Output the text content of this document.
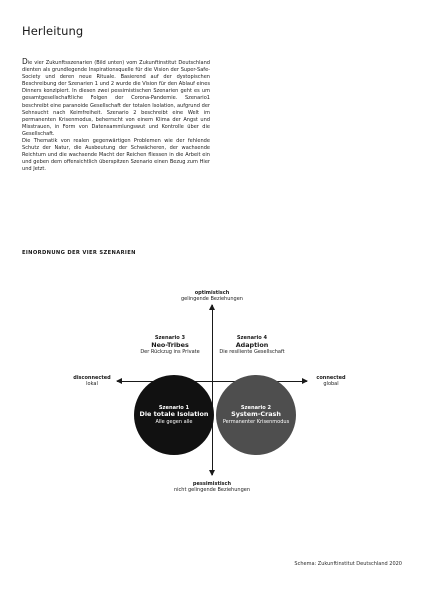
Herleitung

Die vier Zukunftsszenarien (Bild unten) vom Zukunftinstitut Deutschland dienten als grundlegende Inspirationsquelle für die Vision der Super-Safe-Society und deren neue Rituale. Basierend auf der dystopischen Beschreibung der Szenarien 1 und 2 wurde die Vision für den Ablauf eines Dinners konzipiert. In diesen zwei pessimistischen Szenarien geht es um gesamtgesellschaftliche Folgen der Corona-Pandemie. Szenario1 beschreibt eine paranoide Gesellschaft der totalen Isolation, aufgrund der Sehnsucht nach Keimfreiheit. Szenario 2 beschreibt eine Welt im permanenten Krisenmodus, beherrscht von einem Klima der Angst und Misstrauen, in Form von Datensammlungswut und Kontrolle über die Gesellschaft.

Die Thematik von realen gegenwärtigen Problemen wie der fehlende Schutz der Natur, die Ausbeutung der Schwächeren, der wachsende Reichtum und die wachsende Macht der Reichen fliessen in die Arbeit ein und geben dem offensichtlich überspitzen Szenario einen Bezug zum Hier und Jetzt.

EINORDNUNG DER VIER SZENARIEN
optimistisch
gelingende Beziehungen
pessimistisch
nicht gelingende Beziehungen
disconnected
lokal
connected
global
Szenario 3
Neo-Tribes
Der Rückzug ins Private
Szenario 4
Adaption
Die resiliente Gesellschaft
Szenario 1
Die totale Isolation
Alle gegen alle
Szenario 2
System-Crash
Permanenter Krisenmodus
Schema: Zukunftinstitut Deutschland 2020
